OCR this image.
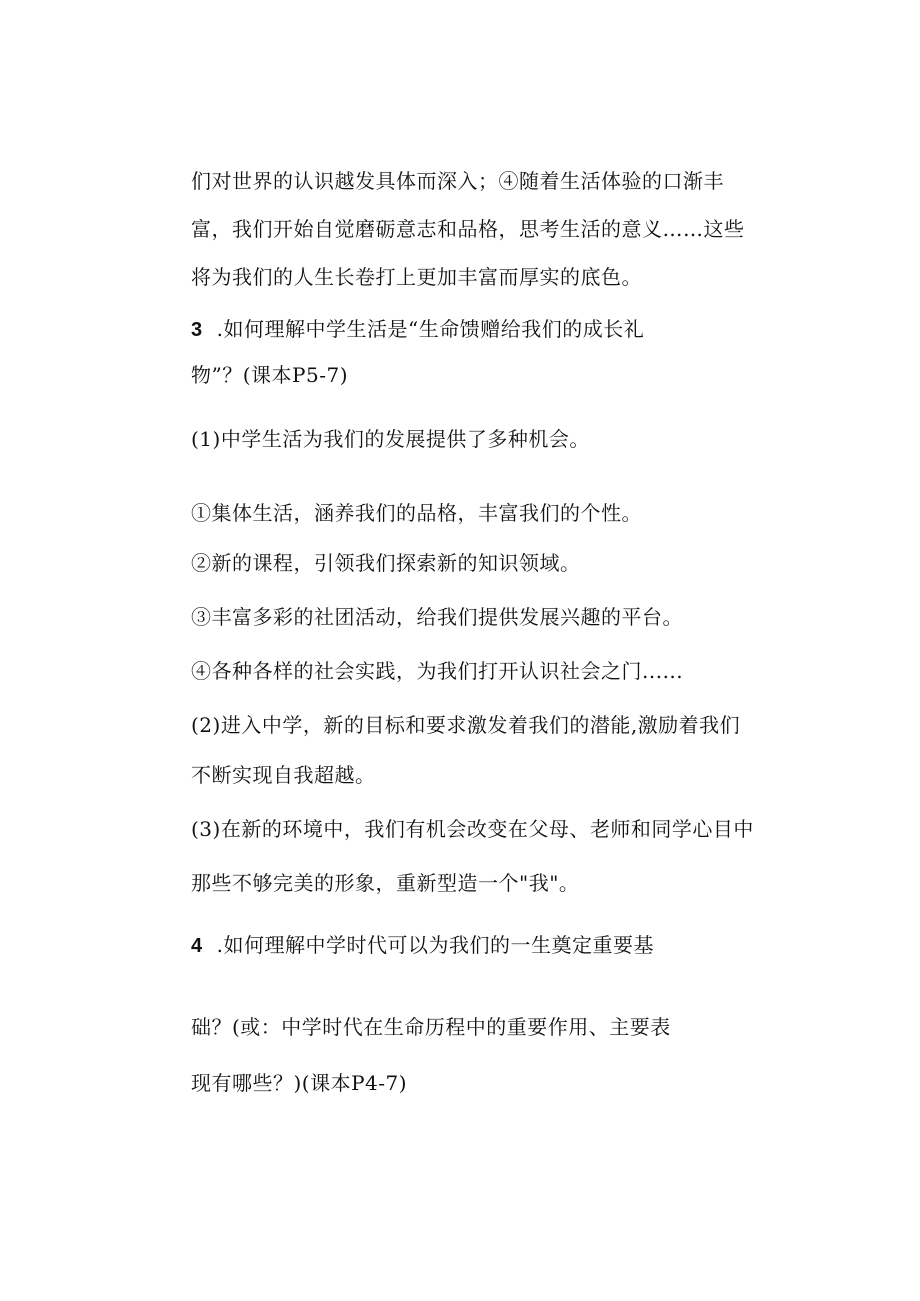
们对世界的认识越发具体而深入；④随着生活体验的口渐丰
富，我们开始自觉磨砺意志和品格，思考生活的意义……这些
将为我们的人生长卷打上更加丰富而厚实的底色。
3 .如何理解中学生活是“生命馈赠给我们的成长礼
物”？(课本P5-7)
(1)中学生活为我们的发展提供了多种机会。
①集体生活，涵养我们的品格，丰富我们的个性。
②新的课程，引领我们探索新的知识领域。
③丰富多彩的社团活动，给我们提供发展兴趣的平台。
④各种各样的社会实践，为我们打开认识社会之门......
(2)进入中学，新的目标和要求激发着我们的潜能,激励着我们
不断实现自我超越。
(3)在新的环境中，我们有机会改变在父母、老师和同学心目中
那些不够完美的形象，重新型造一个"我"。
4 .如何理解中学时代可以为我们的一生奠定重要基
础？(或：中学时代在生命历程中的重要作用、主要表
现有哪些？)(课本P4-7)
